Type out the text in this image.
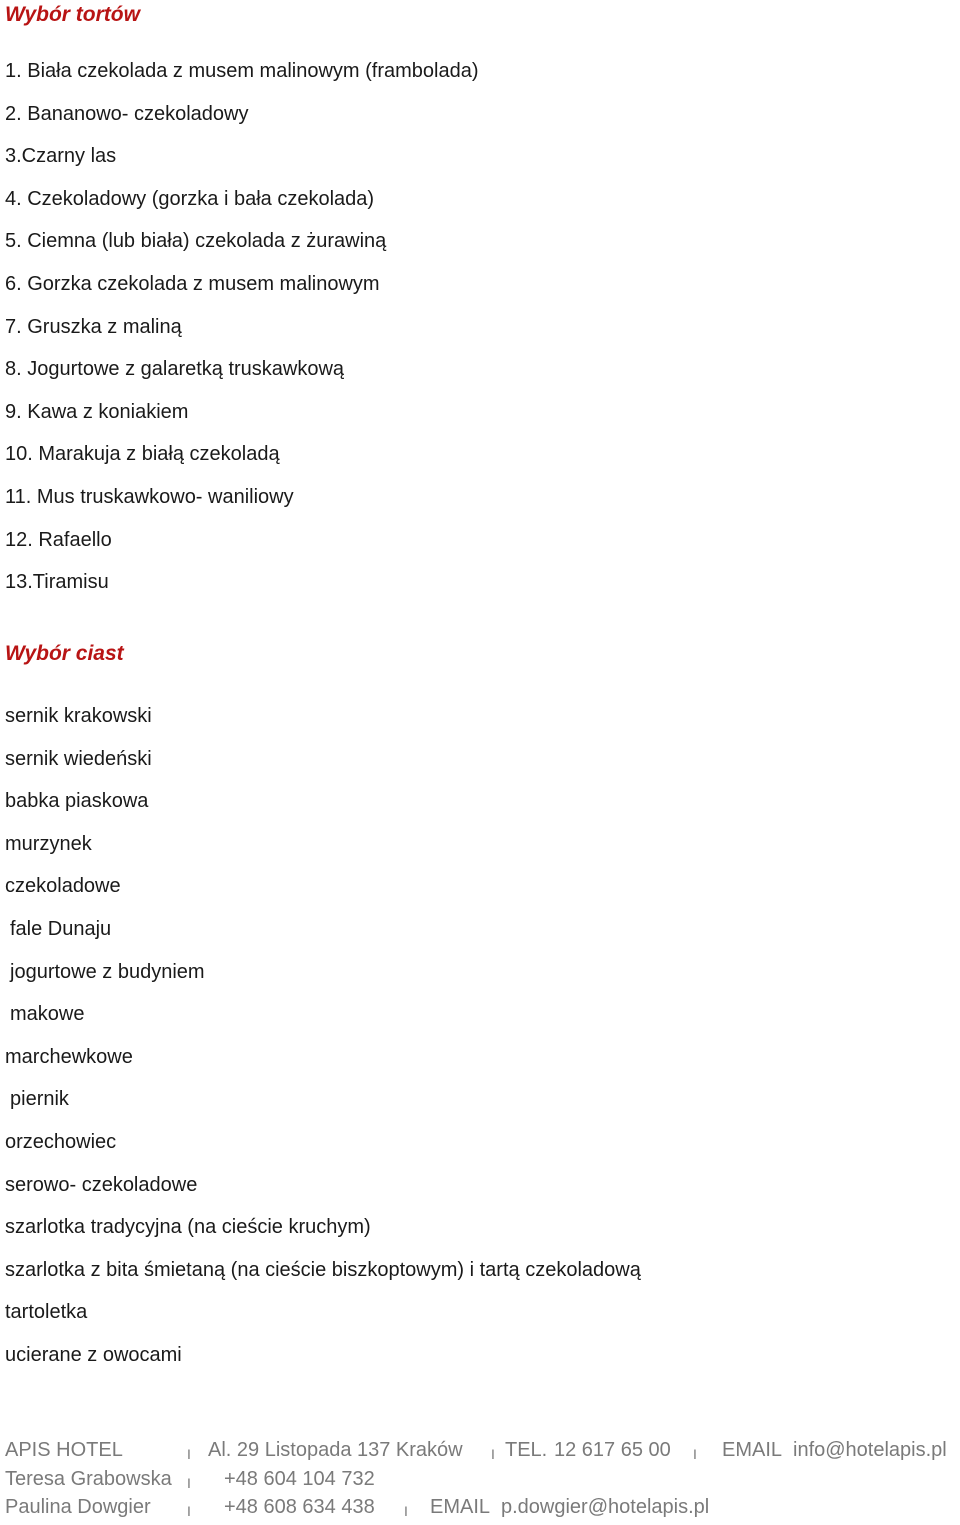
Wybór tortów
1. Biała czekolada z musem malinowym (frambolada)
2. Bananowo- czekoladowy
3.Czarny las
4. Czekoladowy (gorzka i bała czekolada)
5. Ciemna (lub biała) czekolada z żurawiną
6. Gorzka czekolada z musem malinowym
7. Gruszka z maliną
8. Jogurtowe z galaretką truskawkową
9. Kawa z koniakiem
10. Marakuja z białą czekoladą
11. Mus truskawkowo- waniliowy
12. Rafaello
13.Tiramisu
Wybór ciast
sernik krakowski
sernik wiedeński
babka piaskowa
murzynek
czekoladowe
fale Dunaju
jogurtowe z budyniem
makowe
marchewkowe
piernik
orzechowiec
serowo- czekoladowe
szarlotka tradycyjna (na cieście kruchym)
szarlotka z bita śmietaną (na cieście biszkoptowym) i tartą czekoladową
tartoletka
ucierane z owocami
APIS HOTEL	I Al. 29 Listopada 137 Kraków I TEL. 12 617 65 00 I EMAIL info@hotelapis.pl
Teresa Grabowska I +48 604 104 732
Paulina Dowgier	I +48 608 634 438 I EMAIL p.dowgier@hotelapis.pl
